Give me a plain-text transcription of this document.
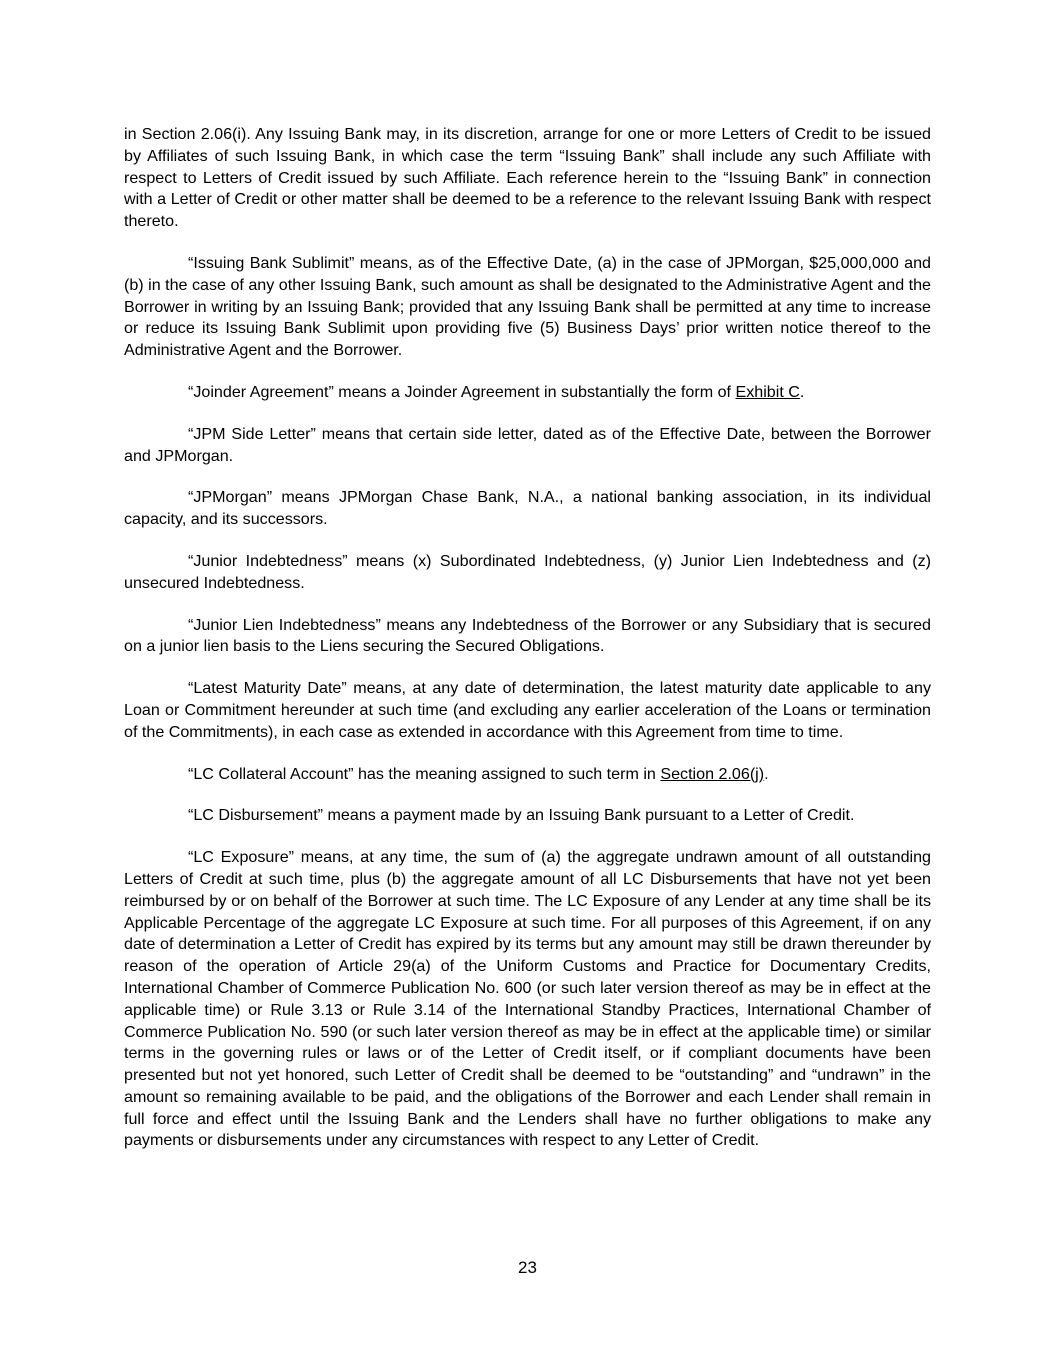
in Section 2.06(i). Any Issuing Bank may, in its discretion, arrange for one or more Letters of Credit to be issued by Affiliates of such Issuing Bank, in which case the term “Issuing Bank” shall include any such Affiliate with respect to Letters of Credit issued by such Affiliate. Each reference herein to the “Issuing Bank” in connection with a Letter of Credit or other matter shall be deemed to be a reference to the relevant Issuing Bank with respect thereto.

“Issuing Bank Sublimit” means, as of the Effective Date, (a) in the case of JPMorgan, $25,000,000 and (b) in the case of any other Issuing Bank, such amount as shall be designated to the Administrative Agent and the Borrower in writing by an Issuing Bank; provided that any Issuing Bank shall be permitted at any time to increase or reduce its Issuing Bank Sublimit upon providing five (5) Business Days’ prior written notice thereof to the Administrative Agent and the Borrower.

“Joinder Agreement” means a Joinder Agreement in substantially the form of Exhibit C.

“JPM Side Letter” means that certain side letter, dated as of the Effective Date, between the Borrower and JPMorgan.

“JPMorgan” means JPMorgan Chase Bank, N.A., a national banking association, in its individual capacity, and its successors.

“Junior Indebtedness” means (x) Subordinated Indebtedness, (y) Junior Lien Indebtedness and (z) unsecured Indebtedness.

“Junior Lien Indebtedness” means any Indebtedness of the Borrower or any Subsidiary that is secured on a junior lien basis to the Liens securing the Secured Obligations.

“Latest Maturity Date” means, at any date of determination, the latest maturity date applicable to any Loan or Commitment hereunder at such time (and excluding any earlier acceleration of the Loans or termination of the Commitments), in each case as extended in accordance with this Agreement from time to time.

“LC Collateral Account” has the meaning assigned to such term in Section 2.06(j).

“LC Disbursement” means a payment made by an Issuing Bank pursuant to a Letter of Credit.

“LC Exposure” means, at any time, the sum of (a) the aggregate undrawn amount of all outstanding Letters of Credit at such time, plus (b) the aggregate amount of all LC Disbursements that have not yet been reimbursed by or on behalf of the Borrower at such time. The LC Exposure of any Lender at any time shall be its Applicable Percentage of the aggregate LC Exposure at such time. For all purposes of this Agreement, if on any date of determination a Letter of Credit has expired by its terms but any amount may still be drawn thereunder by reason of the operation of Article 29(a) of the Uniform Customs and Practice for Documentary Credits, International Chamber of Commerce Publication No. 600 (or such later version thereof as may be in effect at the applicable time) or Rule 3.13 or Rule 3.14 of the International Standby Practices, International Chamber of Commerce Publication No. 590 (or such later version thereof as may be in effect at the applicable time) or similar terms in the governing rules or laws or of the Letter of Credit itself, or if compliant documents have been presented but not yet honored, such Letter of Credit shall be deemed to be “outstanding” and “undrawn” in the amount so remaining available to be paid, and the obligations of the Borrower and each Lender shall remain in full force and effect until the Issuing Bank and the Lenders shall have no further obligations to make any payments or disbursements under any circumstances with respect to any Letter of Credit.

23
